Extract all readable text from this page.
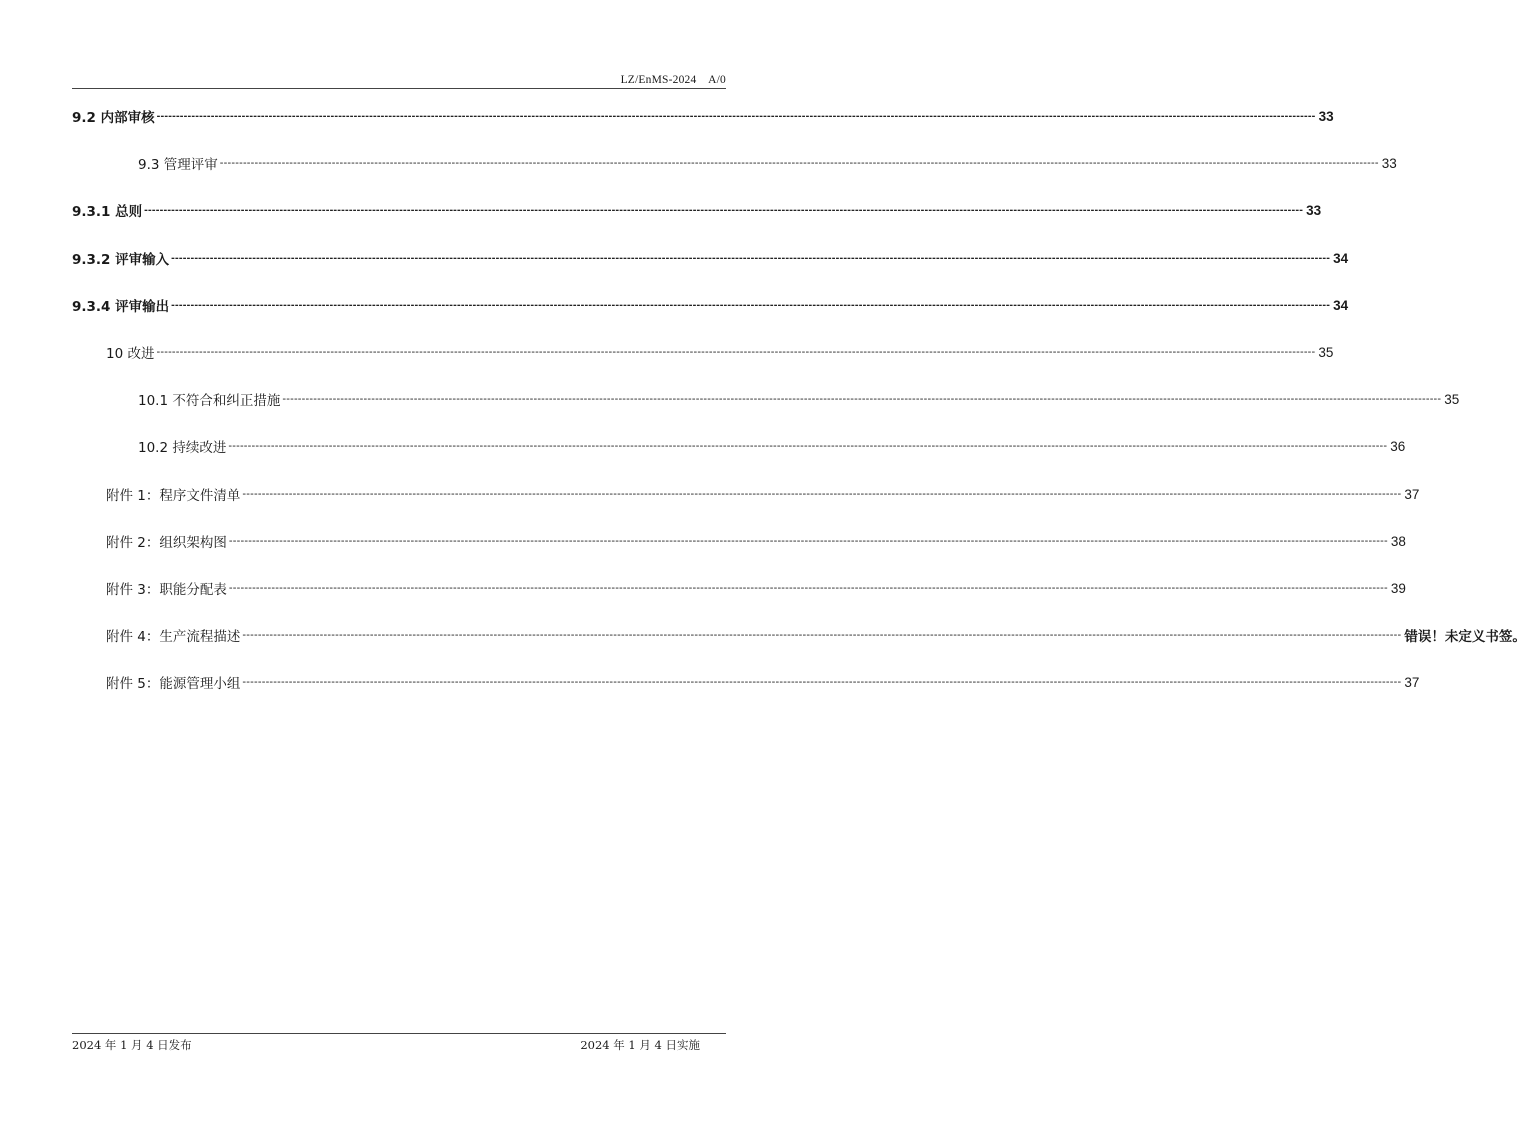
LZ/EnMS-2024　A/0
9.2 内部审核 ------------------------------------------------------------------------------------------------------------------------------------------------------------------------------------------------------------------------------------------------------------------------------------------------------------ 33
9.3 管理评审 ------------------------------------------------------------------------------------------------------------------------------------------------------------------------------------------------------------------------------------------------------------------------------------------------------------ 33
9.3.1 总则 ------------------------------------------------------------------------------------------------------------------------------------------------------------------------------------------------------------------------------------------------------------------------------------------------------------ 33
9.3.2 评审输入 ------------------------------------------------------------------------------------------------------------------------------------------------------------------------------------------------------------------------------------------------------------------------------------------------------------ 34
9.3.4 评审输出 ------------------------------------------------------------------------------------------------------------------------------------------------------------------------------------------------------------------------------------------------------------------------------------------------------------ 34
10 改进 ------------------------------------------------------------------------------------------------------------------------------------------------------------------------------------------------------------------------------------------------------------------------------------------------------------ 35
10.1 不符合和纠正措施 ------------------------------------------------------------------------------------------------------------------------------------------------------------------------------------------------------------------------------------------------------------------------------------------------------------ 35
10.2 持续改进 ------------------------------------------------------------------------------------------------------------------------------------------------------------------------------------------------------------------------------------------------------------------------------------------------------------ 36
附件 1：程序文件清单 ------------------------------------------------------------------------------------------------------------------------------------------------------------------------------------------------------------------------------------------------------------------------------------------------------------ 37
附件 2：组织架构图 ------------------------------------------------------------------------------------------------------------------------------------------------------------------------------------------------------------------------------------------------------------------------------------------------------------ 38
附件 3：职能分配表 ------------------------------------------------------------------------------------------------------------------------------------------------------------------------------------------------------------------------------------------------------------------------------------------------------------ 39
附件 4：生产流程描述 ------------------------------------------------------------------------------------------------------------------------------------------------------------------------------------------------------------------------------------------------------------------------------------------------------------ 错误！未定义书签。
附件 5：能源管理小组 ------------------------------------------------------------------------------------------------------------------------------------------------------------------------------------------------------------------------------------------------------------------------------------------------------------ 37
2024 年 1 月 4 日发布	2024 年 1 月 4 日实施
